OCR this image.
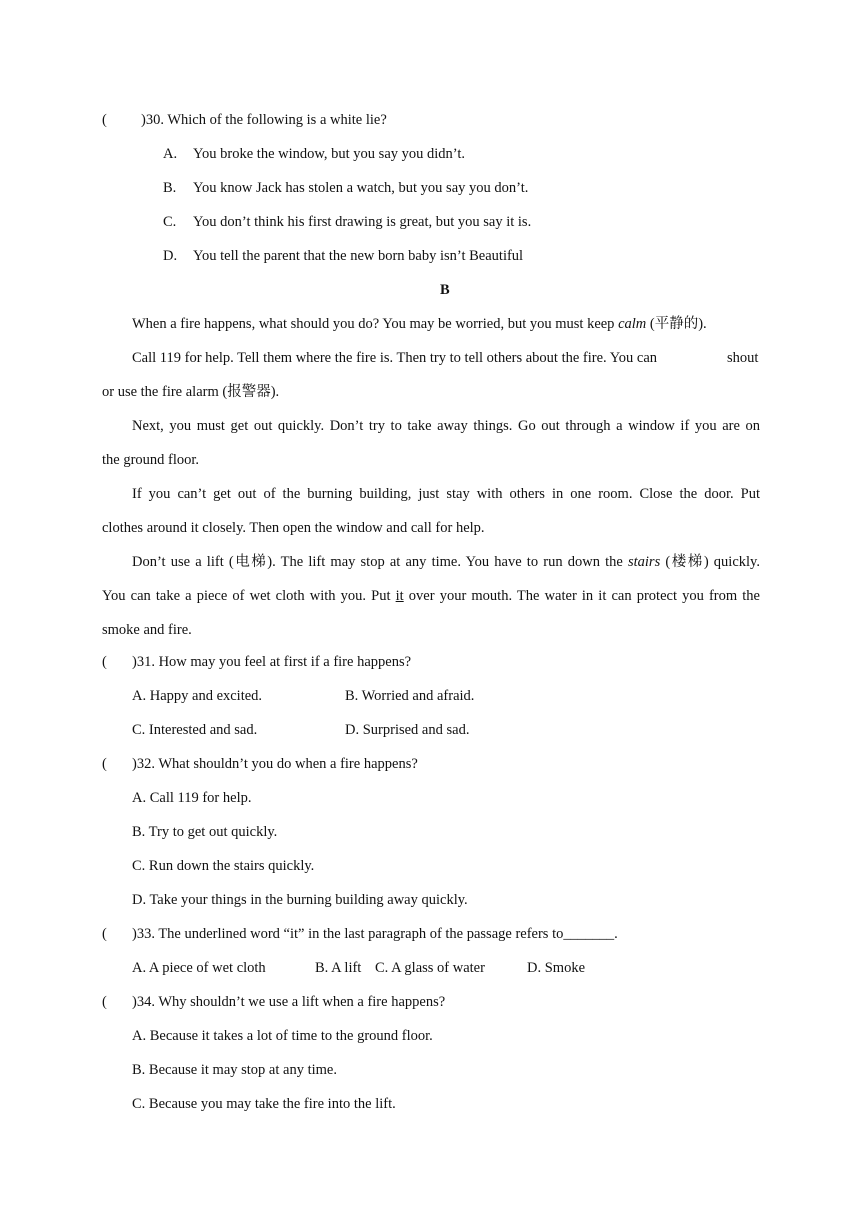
( )30. Which of the following is a white lie?
A. You broke the window, but you say you didn’t.
B. You know Jack has stolen a watch, but you say you don’t.
C. You don’t think his first drawing is great, but you say it is.
D. You tell the parent that the new born baby isn’t Beautiful
B
When a fire happens, what should you do? You may be worried, but you must keep calm (平静的).
Call 119 for help. Tell them where the fire is. Then try to tell others about the fire. You can	shout
or use the fire alarm (报警器).
Next, you must get out quickly. Don’t try to take away things. Go out through a window if you are on
the ground floor.
If you can’t get out of the burning building, just stay with others in one room. Close the door. Put
clothes around it closely. Then open the window and call for help.
Don’t use a lift (电梯). The lift may stop at any time. You have to run down the stairs (楼梯) quickly.
You can take a piece of wet cloth with you. Put it over your mouth. The water in it can protect you from the
smoke and fire.
( )31. How may you feel at first if a fire happens?
A. Happy and excited.	B. Worried and afraid.
C. Interested and sad.	D. Surprised and sad.
( )32. What shouldn’t you do when a fire happens?
A. Call 119 for help.
B. Try to get out quickly.
C. Run down the stairs quickly.
D. Take your things in the burning building away quickly.
( )33. The underlined word “it” in the last paragraph of the passage refers to_______.
A. A piece of wet cloth	B. A lift C. A glass of water	D. Smoke
( )34. Why shouldn’t we use a lift when a fire happens?
A. Because it takes a lot of time to the ground floor.
B. Because it may stop at any time.
C. Because you may take the fire into the lift.
